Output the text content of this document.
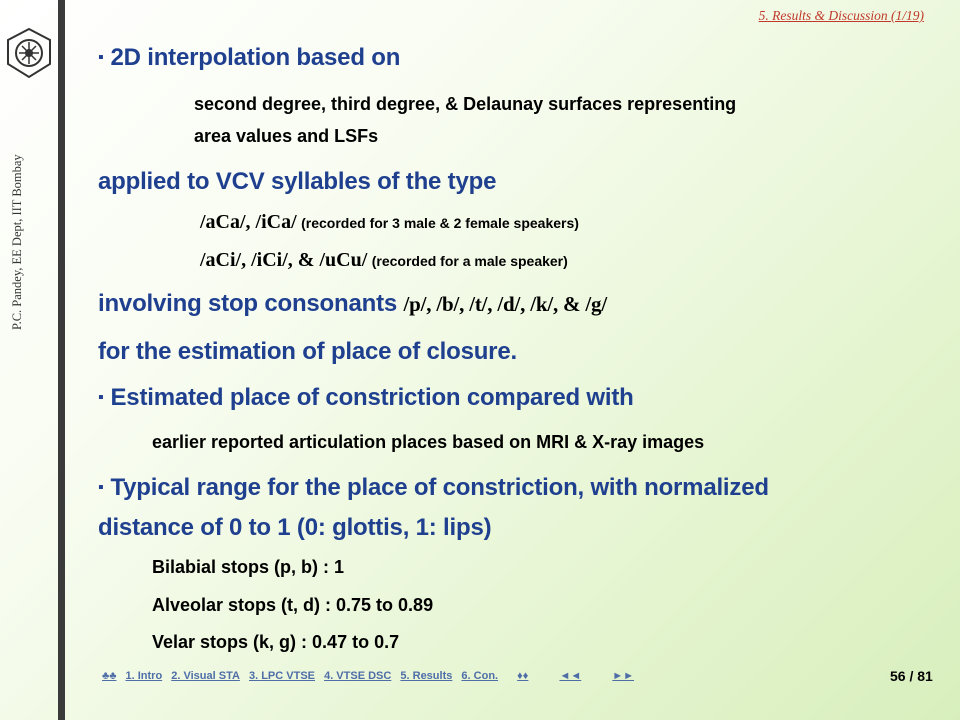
P.C. Pandey, EE Dept, IIT Bombay
5. Results & Discussion (1/19)
▪ 2D interpolation based on
second degree, third degree, & Delaunay surfaces representing
area values and LSFs
applied to VCV syllables of the type
/aCa/, /iCa/ (recorded for 3 male & 2 female speakers)
/aCi/, /iCi/, & /uCu/ (recorded for a male speaker)
involving stop consonants /p/, /b/, /t/, /d/, /k/, & /g/
for the estimation of place of closure.
▪ Estimated place of constriction compared with
earlier reported articulation places based on MRI & X-ray images
▪ Typical range for the place of constriction, with normalized
distance of 0 to 1 (0: glottis, 1: lips)
Bilabial stops (p, b) : 1
Alveolar stops (t, d) : 0.75 to 0.89
Velar stops (k, g) : 0.47 to 0.7
♣♣ 1. Intro 2. Visual STA 3. LPC VTSE 4. VTSE DSC 5. Results 6. Con. ♦♦	◄◄	►►	56 / 81
